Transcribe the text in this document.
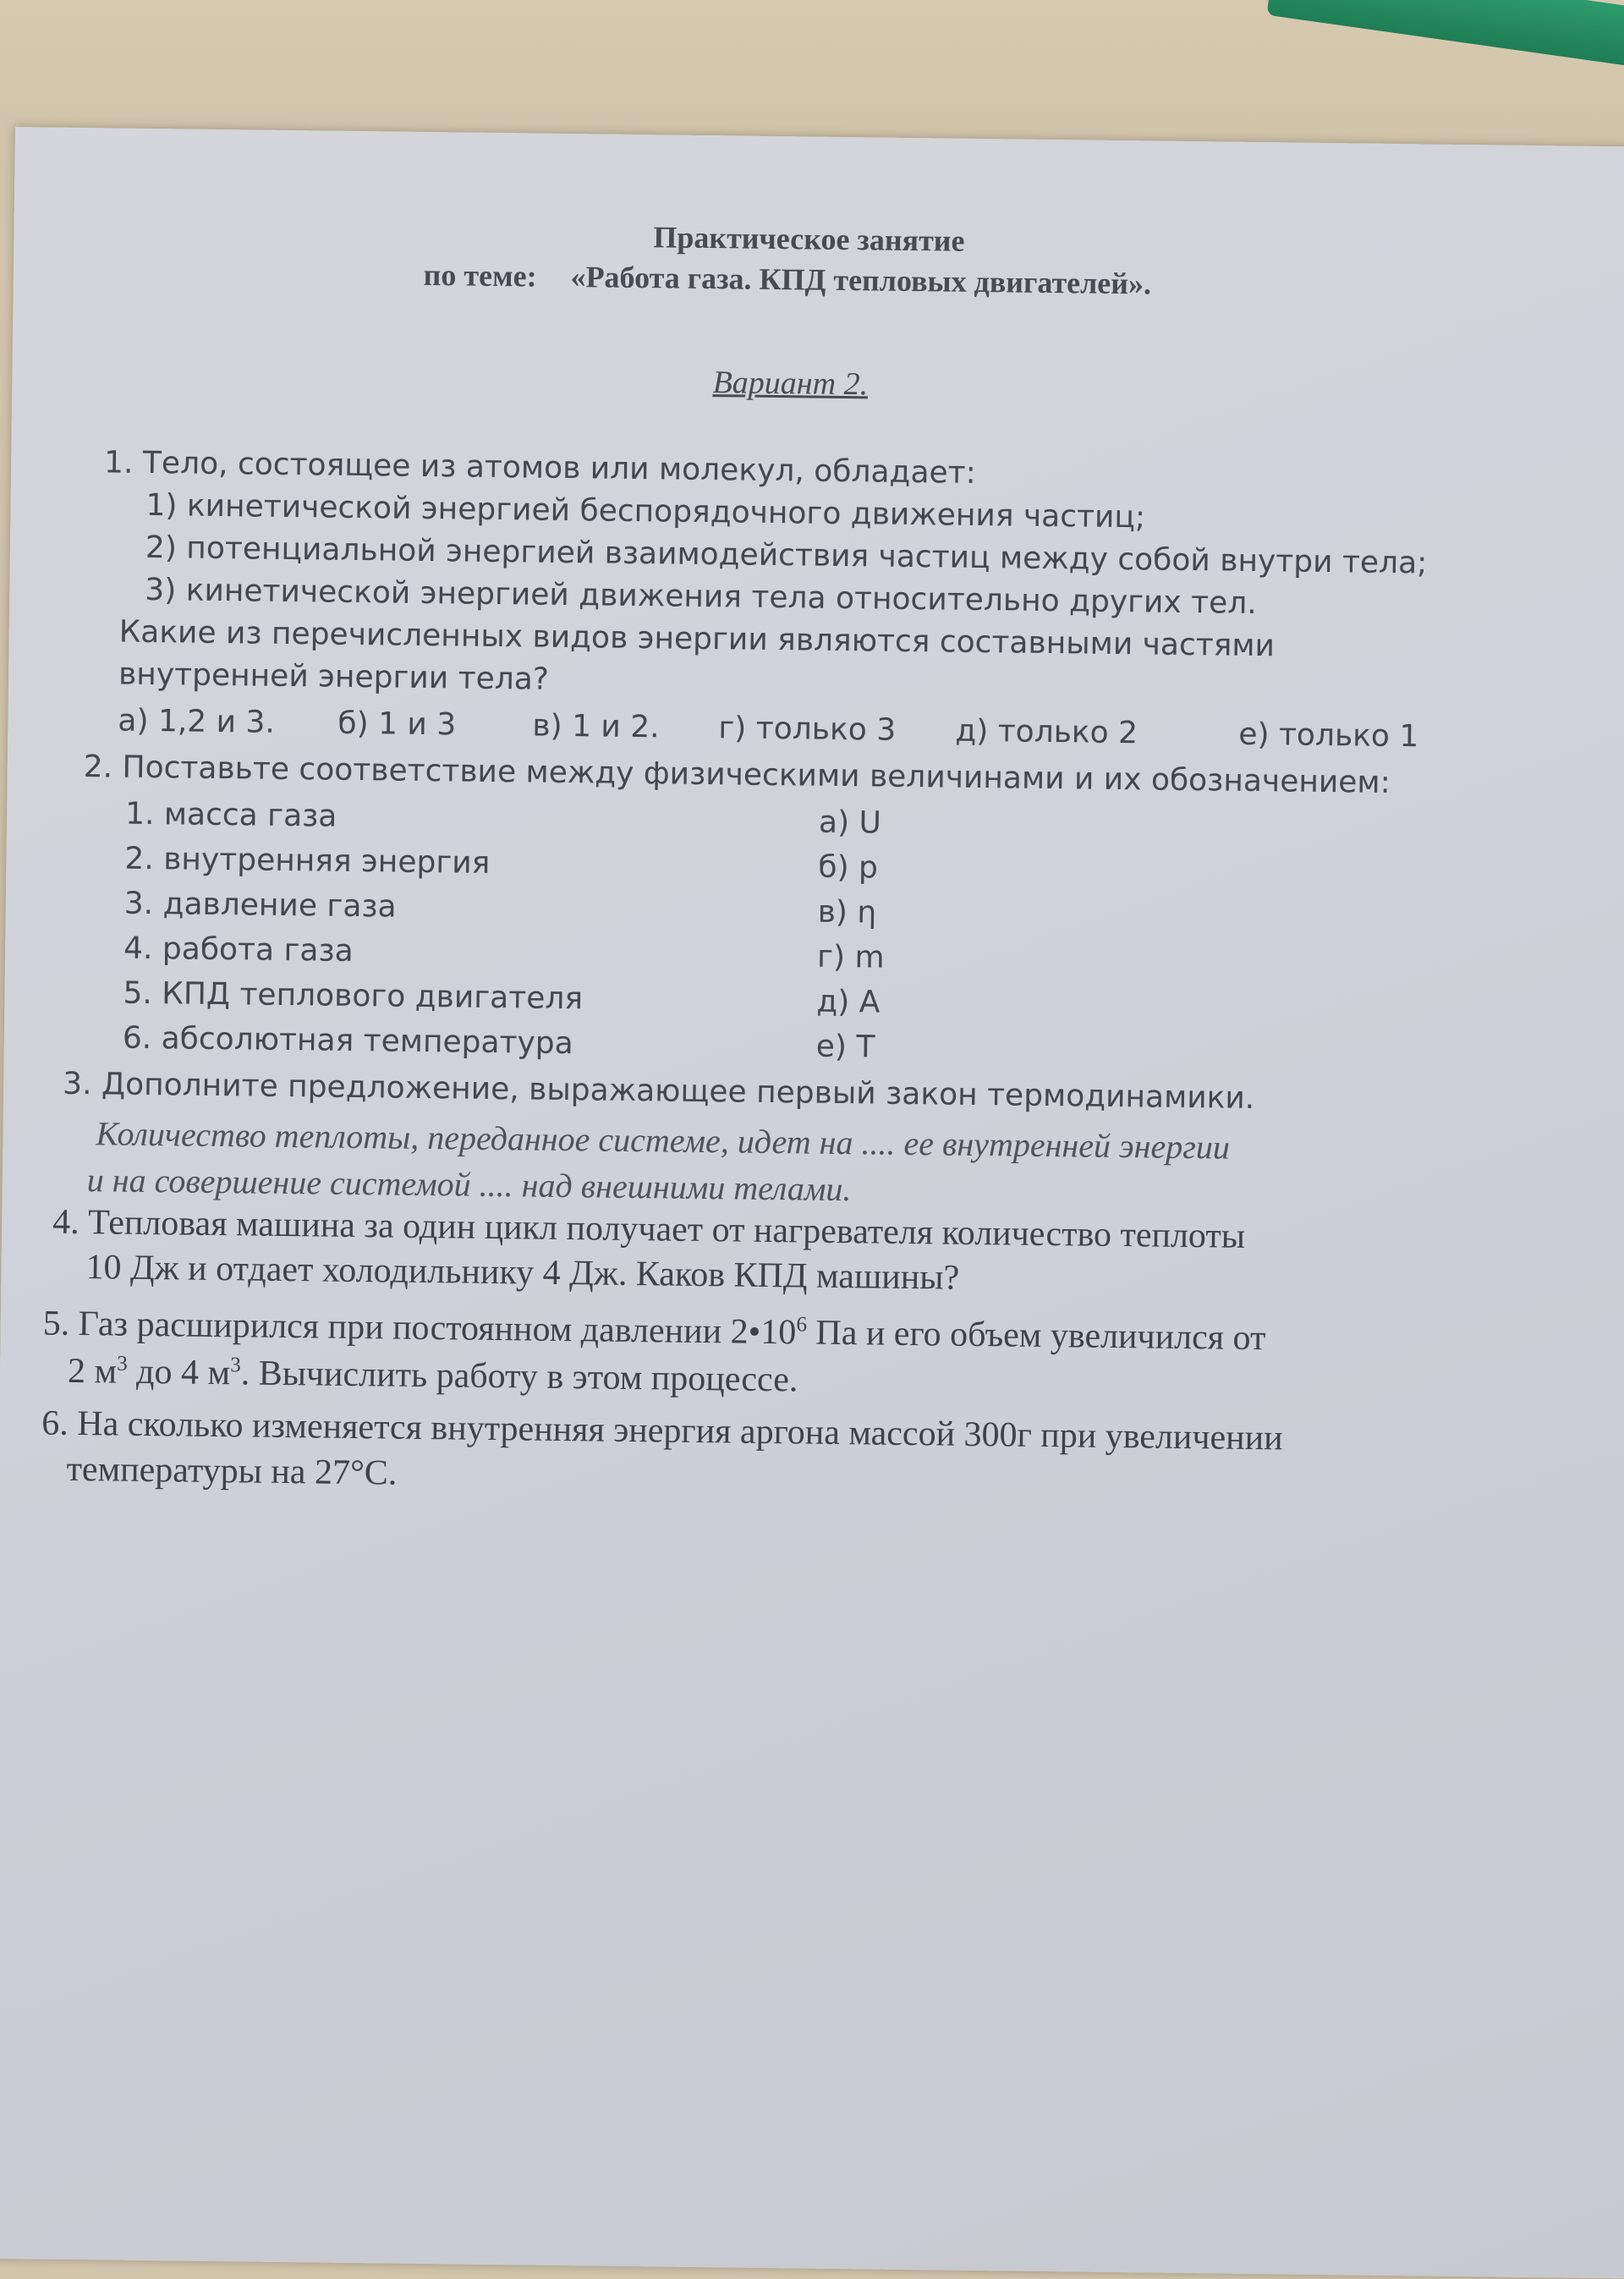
Практическое занятие
по теме: «Работа газа. КПД тепловых двигателей».
Вариант 2.
1. Тело, состоящее из атомов или молекул, обладает:
1) кинетической энергией беспорядочного движения частиц;
2) потенциальной энергией взаимодействия частиц между собой внутри тела;
3) кинетической энергией движения тела относительно других тел.
Какие из перечисленных видов энергии являются составными частями
внутренней энергии тела?
а) 1,2 и 3. б) 1 и 3 в) 1 и 2. г) только 3 д) только 2	е) только 1
2. Поставьте соответствие между физическими величинами и их обозначением:
1. масса газа
2. внутренняя энергия
3. давление газа
4. работа газа
5. КПД теплового двигателя
6. абсолютная температура
а) U
б) p
в) η
г) m
д) A
е) T
3. Дополните предложение, выражающее первый закон термодинамики.
Количество теплоты, переданное системе, идет на .... ее внутренней энергии
и на совершение системой .... над внешними телами.
4. Тепловая машина за один цикл получает от нагревателя количество теплоты
10 Дж и отдает холодильнику 4 Дж. Каков КПД машины?
5. Газ расширился при постоянном давлении $2•10^6$ Па и его объем увеличился от
2 $м^3$ до 4 $м^3$. Вычислить работу в этом процессе.
6. На сколько изменяется внутренняя энергия аргона массой 300г при увеличении
температуры на 27°С.
